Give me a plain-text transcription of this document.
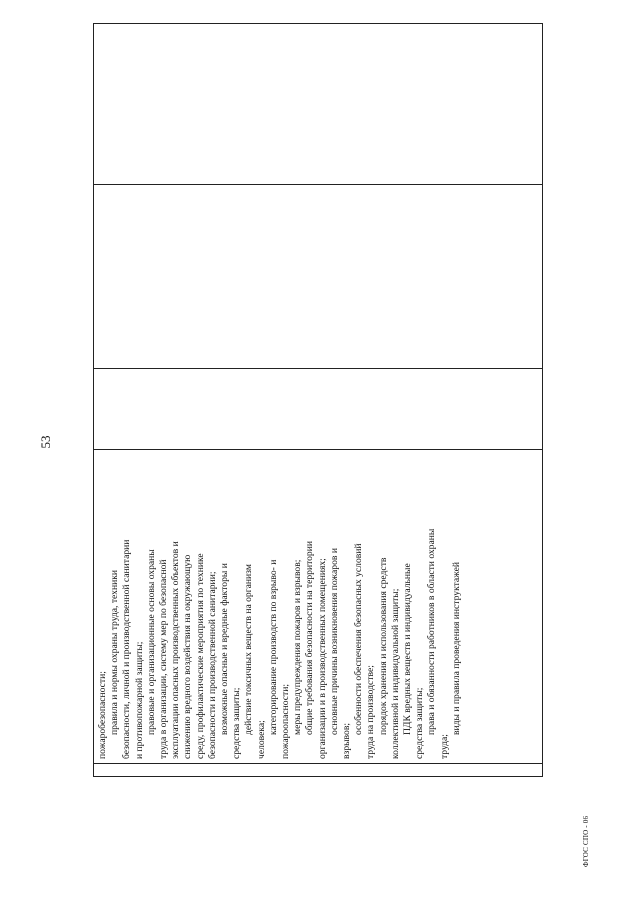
53

пожаробезопасности; правила и нормы охраны труда, техники безопасности, личной и производственной санитарии и противопожарной защиты; правовые и организационные основы охраны труда в организации, систему мер по безопасной эксплуатации опасных производственных объектов и снижению вредного воздействия на окружающую среду, профилактические мероприятия по технике безопасности и производственной санитарии; возможные опасные и вредные факторы и средства защиты; действие токсичных веществ на организм
человека;
категорирование производств по взрыво- и пожароопасности; меры предупреждения пожаров и взрывов; общие требования безопасности на территории организации и в производственных помещениях; основные причины возникновения пожаров и
взрывов;
особенности обеспечения безопасных условий труда на производстве; порядок хранения и использования средств коллективной и индивидуальной защиты; ПДК вредных веществ и индивидуальные средства защиты; права и обязанности работников в области охраны
труда;
виды и правила проведения инструктажей

ФГОС СПО - 06
